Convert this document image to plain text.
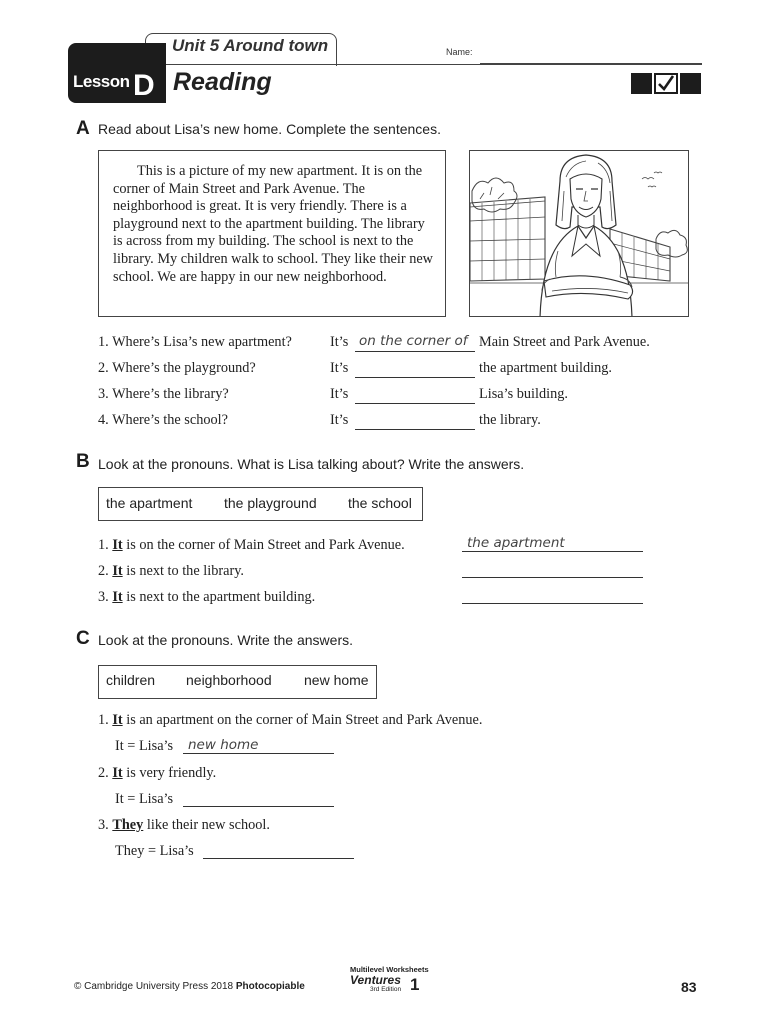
Unit 5 Around town
Lesson D Reading
Name:
A Read about Lisa’s new home. Complete the sentences.
This is a picture of my new apartment. It is on the corner of Main Street and Park Avenue. The neighborhood is great. It is very friendly. There is a playground next to the apartment building. The library is across from my building. The school is next to the library. My children walk to school. They like their new school. We are happy in our new neighborhood.
1. Where’s Lisa’s new apartment?	It’s on the corner of Main Street and Park Avenue.
2. Where’s the playground?	It’s	the apartment building.
3. Where’s the library?	It’s	Lisa’s building.
4. Where’s the school?	It’s	the library.
B Look at the pronouns. What is Lisa talking about? Write the answers.
the apartment the playground the school
1. It is on the corner of Main Street and Park Avenue.	the apartment
2. It is next to the library.
3. It is next to the apartment building.
C Look at the pronouns. Write the answers.
children neighborhood new home
1. It is an apartment on the corner of Main Street and Park Avenue.
It = Lisa’s new home
2. It is very friendly.
It = Lisa’s
3. They like their new school.
They = Lisa’s
© Cambridge University Press 2018 Photocopiable
Multilevel Worksheets
Ventures
3rd Edition 1	83
